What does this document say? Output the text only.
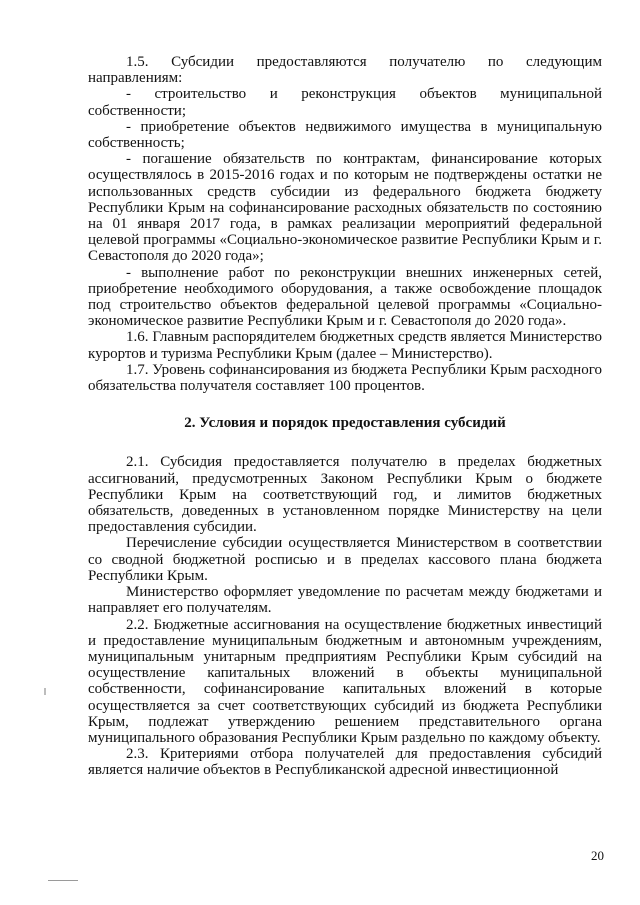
1.5. Субсидии предоставляются получателю по следующим направлениям:

- строительство и реконструкция объектов муниципальной собственности;

- приобретение объектов недвижимого имущества в муниципальную собственность;

- погашение обязательств по контрактам, финансирование которых осуществлялось в 2015-2016 годах и по которым не подтверждены остатки не использованных средств субсидии из федерального бюджета бюджету Республики Крым на софинансирование расходных обязательств по состоянию на 01 января 2017 года, в рамках реализации мероприятий федеральной целевой программы «Социально-экономическое развитие Республики Крым и г. Севастополя до 2020 года»;

- выполнение работ по реконструкции внешних инженерных сетей, приобретение необходимого оборудования, а также освобождение площадок под строительство объектов федеральной целевой программы «Социально-экономическое развитие Республики Крым и г. Севастополя до 2020 года».

1.6. Главным распорядителем бюджетных средств является Министерство курортов и туризма Республики Крым (далее – Министерство).

1.7. Уровень софинансирования из бюджета Республики Крым расходного обязательства получателя составляет 100 процентов.

2. Условия и порядок предоставления субсидий

2.1. Субсидия предоставляется получателю в пределах бюджетных ассигнований, предусмотренных Законом Республики Крым о бюджете Республики Крым на соответствующий год, и лимитов бюджетных обязательств, доведенных в установленном порядке Министерству на цели предоставления субсидии.

Перечисление субсидии осуществляется Министерством в соответствии со сводной бюджетной росписью и в пределах кассового плана бюджета Республики Крым.

Министерство оформляет уведомление по расчетам между бюджетами и направляет его получателям.

2.2. Бюджетные ассигнования на осуществление бюджетных инвестиций и предоставление муниципальным бюджетным и автономным учреждениям, муниципальным унитарным предприятиям Республики Крым субсидий на осуществление капитальных вложений в объекты муниципальной собственности, софинансирование капитальных вложений в которые осуществляется за счет соответствующих субсидий из бюджета Республики Крым, подлежат утверждению решением представительного органа муниципального образования Республики Крым раздельно по каждому объекту.

2.3. Критериями отбора получателей для предоставления субсидий является наличие объектов в Республиканской адресной инвестиционной

20
